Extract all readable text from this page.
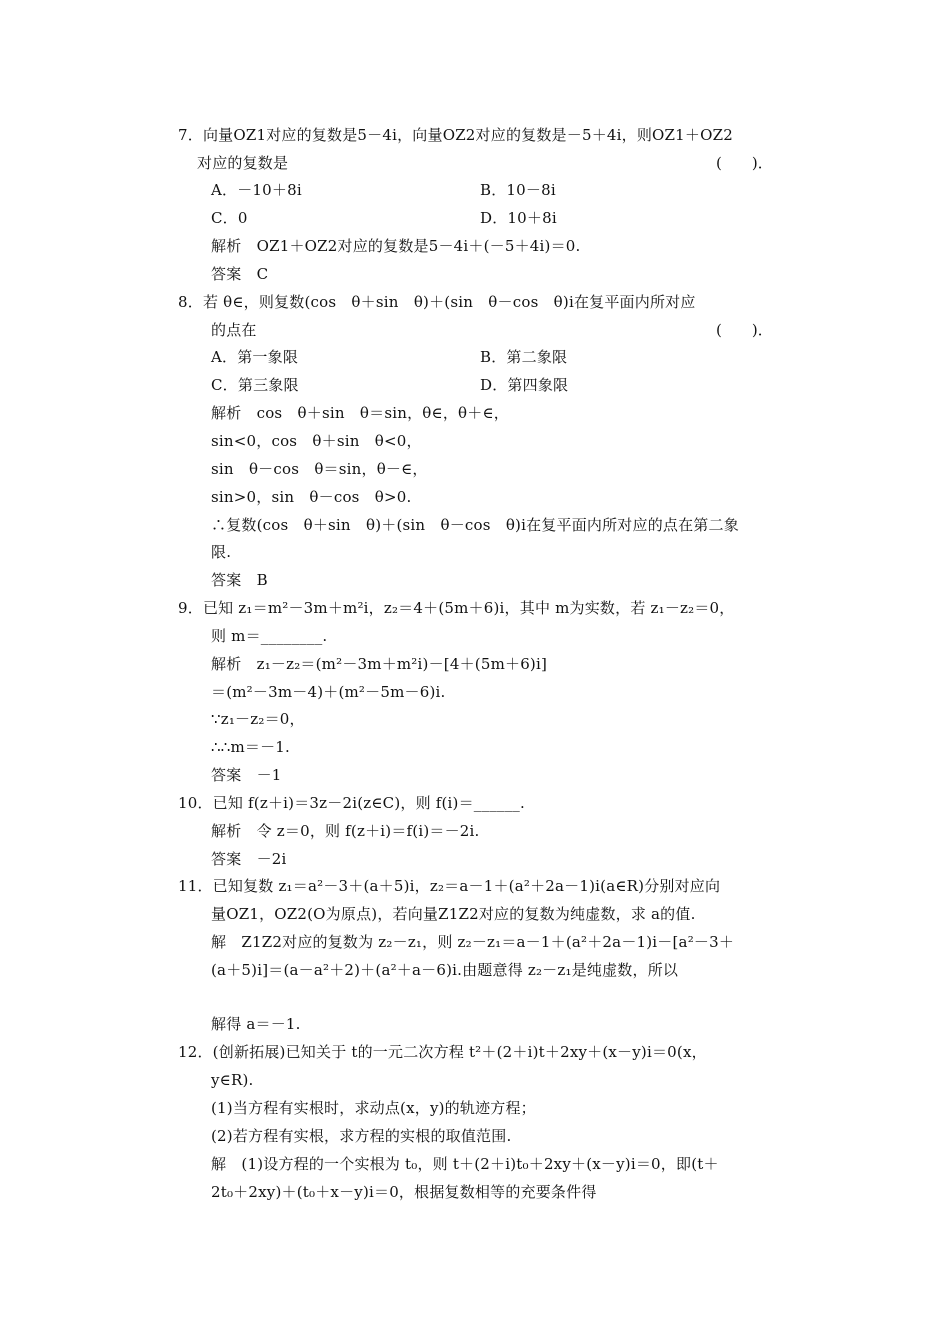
7．向量OZ1对应的复数是5－4i，向量OZ2对应的复数是－5＋4i，则OZ1＋OZ2
对应的复数是	(　　)．
A．－10＋8i	B．10－8i
C．0	D．10＋8i
解析　OZ1＋OZ2对应的复数是5－4i＋(－5＋4i)＝0.
答案　C
8．若 θ∈，则复数(cos　θ＋sin　θ)＋(sin　θ－cos　θ)i在复平面内所对应
的点在	(　　)．
A．第一象限	B．第二象限
C．第三象限	D．第四象限
解析　cos　θ＋sin　θ＝sin，θ∈，θ＋∈，
sin<0，cos　θ＋sin　θ<0，
sin　θ－cos　θ＝sin，θ－∈，
sin>0，sin　θ－cos　θ>0.
∴复数(cos　θ＋sin　θ)＋(sin　θ－cos　θ)i在复平面内所对应的点在第二象
限.
答案　B
9．已知 z₁＝m²－3m＋m²i，z₂＝4＋(5m＋6)i，其中 m为实数，若 z₁－z₂＝0，
则 m＝________.
解析　z₁－z₂＝(m²－3m＋m²i)－[4＋(5m＋6)i]
＝(m²－3m－4)＋(m²－5m－6)i.
∵z₁－z₂＝0，
∴∴m＝－1.
答案　－1
10．已知 f(z＋i)＝3z－2i(z∈C)，则 f(i)＝______.
解析　令 z＝0，则 f(z＋i)＝f(i)＝－2i.
答案　－2i
11．已知复数 z₁＝a²－3＋(a＋5)i，z₂＝a－1＋(a²＋2a－1)i(a∈R)分别对应向
量OZ1，OZ2(O为原点)，若向量Z1Z2对应的复数为纯虚数，求 a的值.
解　Z1Z2对应的复数为 z₂－z₁，则 z₂－z₁＝a－1＋(a²＋2a－1)i－[a²－3＋
(a＋5)i]＝(a－a²＋2)＋(a²＋a－6)i.由题意得 z₂－z₁是纯虚数，所以
解得 a＝－1.
12．(创新拓展)已知关于 t的一元二次方程 t²＋(2＋i)t＋2xy＋(x－y)i＝0(x，
y∈R).
(1)当方程有实根时，求动点(x，y)的轨迹方程；
(2)若方程有实根，求方程的实根的取值范围.
解　(1)设方程的一个实根为 t₀，则 t＋(2＋i)t₀＋2xy＋(x－y)i＝0，即(t＋
2t₀＋2xy)＋(t₀＋x－y)i＝0，根据复数相等的充要条件得
